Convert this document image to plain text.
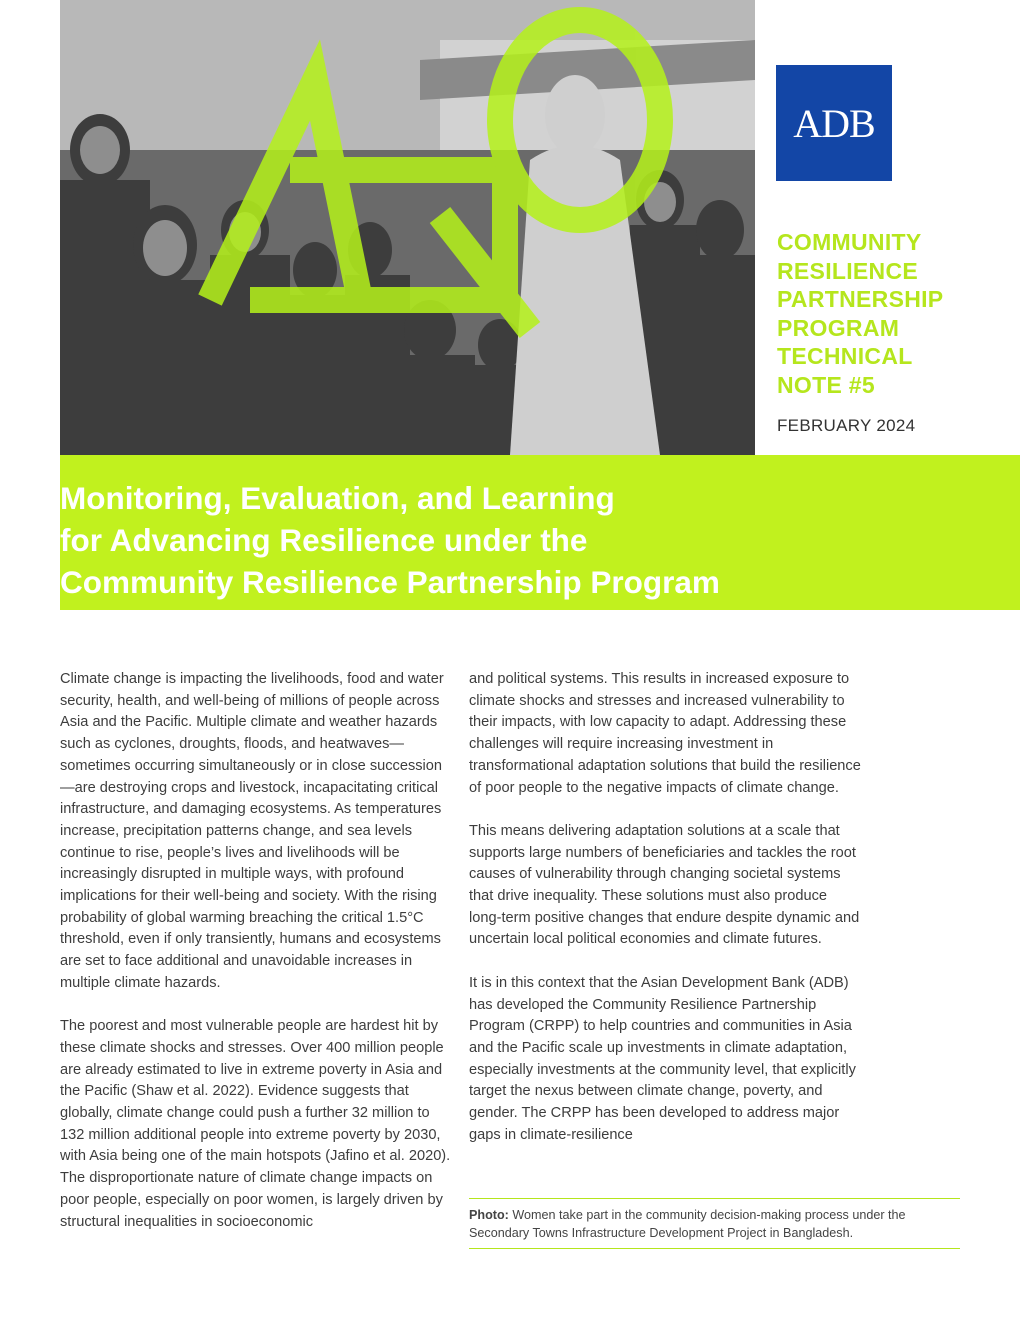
ADB
COMMUNITY
RESILIENCE
PARTNERSHIP
PROGRAM
TECHNICAL
NOTE #5
FEBRUARY 2024
Monitoring, Evaluation, and Learning
for Advancing Resilience under the
Community Resilience Partnership Program

Climate change is impacting the livelihoods, food and water security, health, and well-being of millions of people across Asia and the Pacific. Multiple climate and weather hazards such as cyclones, droughts, floods, and heatwaves—sometimes occurring simultaneously or in close succession—are destroying crops and livestock, incapacitating critical infrastructure, and damaging ecosystems. As temperatures increase, precipitation patterns change, and sea levels continue to rise, people’s lives and livelihoods will be increasingly disrupted in multiple ways, with profound implications for their well-being and society. With the rising probability of global warming breaching the critical 1.5°C threshold, even if only transiently, humans and ecosystems are set to face additional and unavoidable increases in multiple climate hazards.

The poorest and most vulnerable people are hardest hit by these climate shocks and stresses. Over 400 million people are already estimated to live in extreme poverty in Asia and the Pacific (Shaw et al. 2022). Evidence suggests that globally, climate change could push a further 32 million to 132 million additional people into extreme poverty by 2030, with Asia being one of the main hotspots (Jafino et al. 2020). The disproportionate nature of climate change impacts on poor people, especially on poor women, is largely driven by structural inequalities in socioeconomic

and political systems. This results in increased exposure to climate shocks and stresses and increased vulnerability to their impacts, with low capacity to adapt. Addressing these challenges will require increasing investment in transformational adaptation solutions that build the resilience of poor people to the negative impacts of climate change.

This means delivering adaptation solutions at a scale that supports large numbers of beneficiaries and tackles the root causes of vulnerability through changing societal systems that drive inequality. These solutions must also produce long-term positive changes that endure despite dynamic and uncertain local political economies and climate futures.

It is in this context that the Asian Development Bank (ADB) has developed the Community Resilience Partnership Program (CRPP) to help countries and communities in Asia and the Pacific scale up investments in climate adaptation, especially investments at the community level, that explicitly target the nexus between climate change, poverty, and gender. The CRPP has been developed to address major gaps in climate-resilience

Photo: Women take part in the community decision-making process under the Secondary Towns Infrastructure Development Project in Bangladesh.
